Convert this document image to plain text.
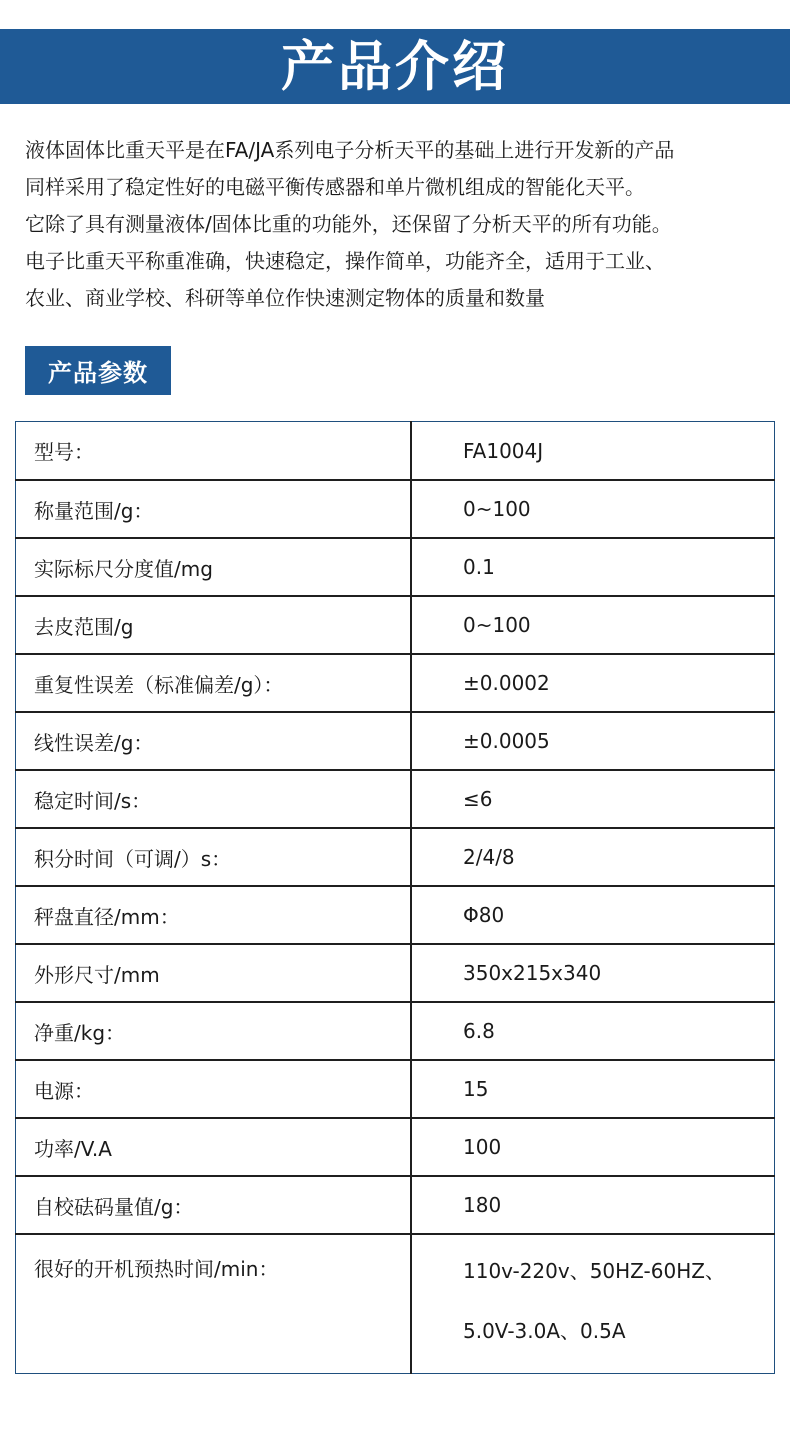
产品介绍
液体固体比重天平是在FA/JA系列电子分析天平的基础上进行开发新的产品
同样采用了稳定性好的电磁平衡传感器和单片微机组成的智能化天平。
它除了具有测量液体/固体比重的功能外，还保留了分析天平的所有功能。
电子比重天平称重准确，快速稳定，操作简单，功能齐全，适用于工业、
农业、商业学校、科研等单位作快速测定物体的质量和数量
产品参数
型号：	FA1004J
称量范围/g：	0~100
实际标尺分度值/mg	0.1
去皮范围/g	0~100
重复性误差（标准偏差/g）：	±0.0002
线性误差/g：	±0.0005
稳定时间/s：	≤6
积分时间（可调/）s：	2/4/8
秤盘直径/mm：	Φ80
外形尺寸/mm	350x215x340
净重/kg：	6.8
电源：	15
功率/V.A	100
自校砝码量值/g：	180

很好的开机预热时间/min：	110v-220v、50HZ-60HZ、
5.0V-3.0A、0.5A
